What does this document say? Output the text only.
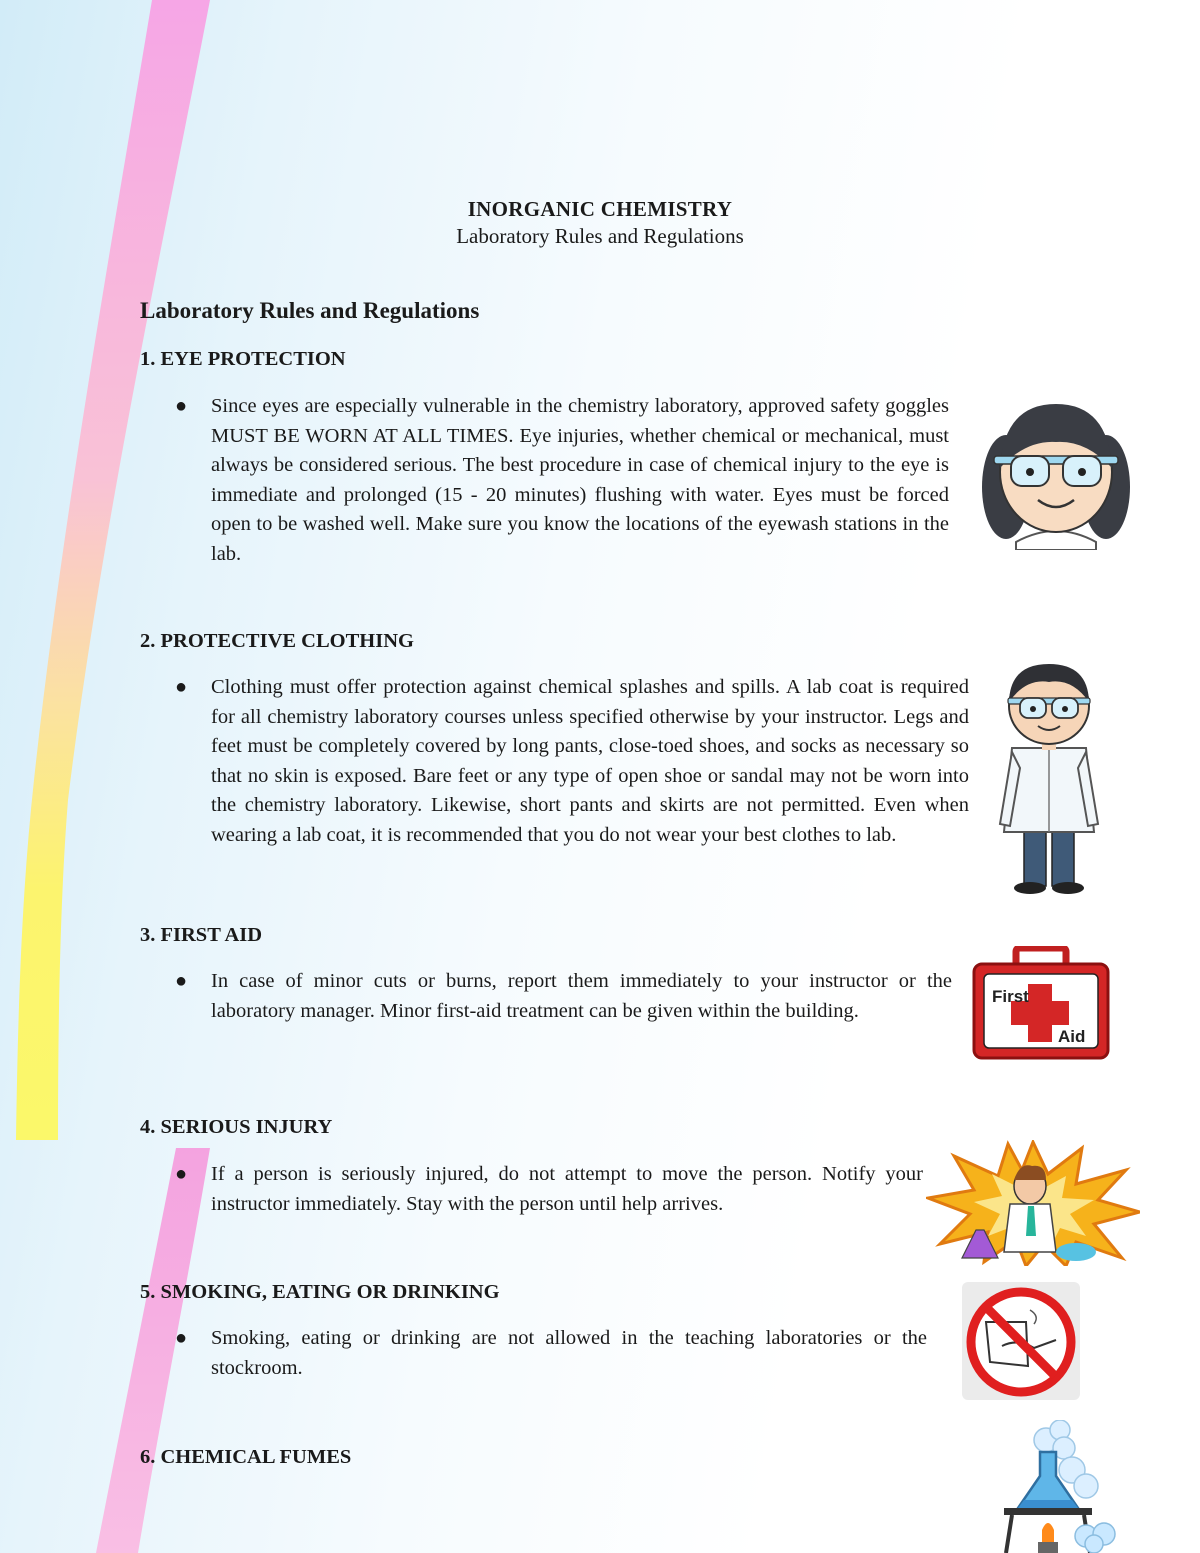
INORGANIC CHEMISTRY
Laboratory Rules and Regulations
Laboratory Rules and Regulations
1. EYE PROTECTION
● Since eyes are especially vulnerable in the chemistry laboratory, approved safety goggles MUST BE WORN AT ALL TIMES. Eye injuries, whether chemical or mechanical, must always be considered serious. The best procedure in case of chemical injury to the eye is immediate and prolonged (15 - 20 minutes) flushing with water. Eyes must be forced open to be washed well. Make sure you know the locations of the eyewash stations in the lab.
2. PROTECTIVE CLOTHING
● Clothing must offer protection against chemical splashes and spills. A lab coat is required for all chemistry laboratory courses unless specified otherwise by your instructor. Legs and feet must be completely covered by long pants, close-toed shoes, and socks as necessary so that no skin is exposed. Bare feet or any type of open shoe or sandal may not be worn into the chemistry laboratory. Likewise, short pants and skirts are not permitted. Even when wearing a lab coat, it is recommended that you do not wear your best clothes to lab.
3. FIRST AID
● In case of minor cuts or burns, report them immediately to your instructor or the laboratory manager. Minor first-aid treatment can be given within the building.
First
Aid
4. SERIOUS INJURY
● If a person is seriously injured, do not attempt to move the person. Notify your instructor immediately. Stay with the person until help arrives.
5. SMOKING, EATING OR DRINKING
● Smoking, eating or drinking are not allowed in the teaching laboratories or the stockroom.
6. CHEMICAL FUMES
